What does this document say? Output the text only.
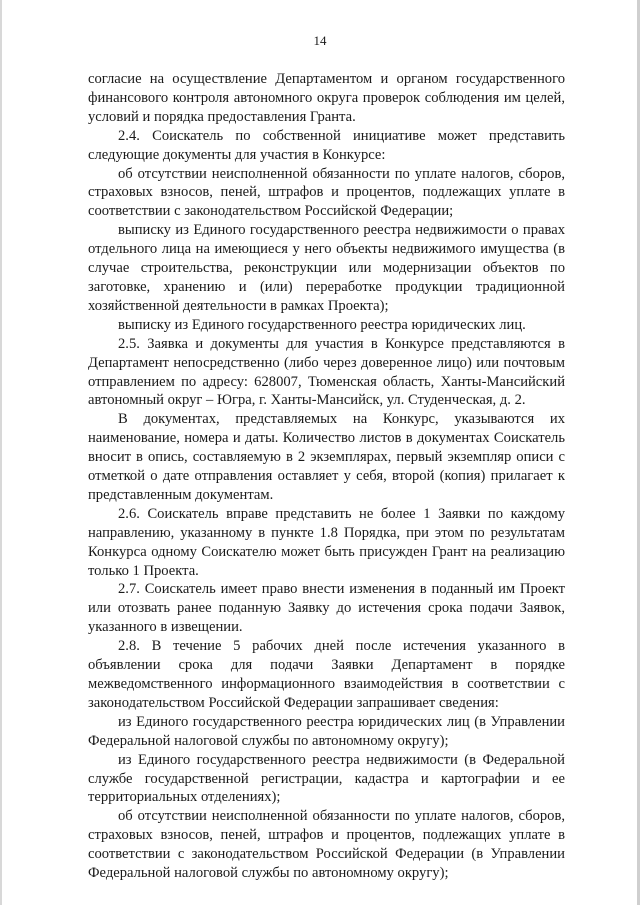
14

согласие на осуществление Департаментом и органом государственного финансового контроля автономного округа проверок соблюдения им целей, условий и порядка предоставления Гранта.

2.4. Соискатель по собственной инициативе может представить следующие документы для участия в Конкурсе:

об отсутствии неисполненной обязанности по уплате налогов, сборов, страховых взносов, пеней, штрафов и процентов, подлежащих уплате в соответствии с законодательством Российской Федерации;

выписку из Единого государственного реестра недвижимости о правах отдельного лица на имеющиеся у него объекты недвижимого имущества (в случае строительства, реконструкции или модернизации объектов по заготовке, хранению и (или) переработке продукции традиционной хозяйственной деятельности в рамках Проекта);

выписку из Единого государственного реестра юридических лиц.

2.5. Заявка и документы для участия в Конкурсе представляются в Департамент непосредственно (либо через доверенное лицо) или почтовым отправлением по адресу: 628007, Тюменская область, Ханты-Мансийский автономный округ – Югра, г. Ханты-Мансийск, ул. Студенческая, д. 2.

В документах, представляемых на Конкурс, указываются их наименование, номера и даты. Количество листов в документах Соискатель вносит в опись, составляемую в 2 экземплярах, первый экземпляр описи с отметкой о дате отправления оставляет у себя, второй (копия) прилагает к представленным документам.

2.6. Соискатель вправе представить не более 1 Заявки по каждому направлению, указанному в пункте 1.8 Порядка, при этом по результатам Конкурса одному Соискателю может быть присужден Грант на реализацию только 1 Проекта.

2.7. Соискатель имеет право внести изменения в поданный им Проект или отозвать ранее поданную Заявку до истечения срока подачи Заявок, указанного в извещении.

2.8. В течение 5 рабочих дней после истечения указанного в объявлении срока для подачи Заявки Департамент в порядке межведомственного информационного взаимодействия в соответствии с законодательством Российской Федерации запрашивает сведения:

из Единого государственного реестра юридических лиц (в Управлении Федеральной налоговой службы по автономному округу);

из Единого государственного реестра недвижимости (в Федеральной службе государственной регистрации, кадастра и картографии и ее территориальных отделениях);

об отсутствии неисполненной обязанности по уплате налогов, сборов, страховых взносов, пеней, штрафов и процентов, подлежащих уплате в соответствии с законодательством Российской Федерации (в Управлении Федеральной налоговой службы по автономному округу);
